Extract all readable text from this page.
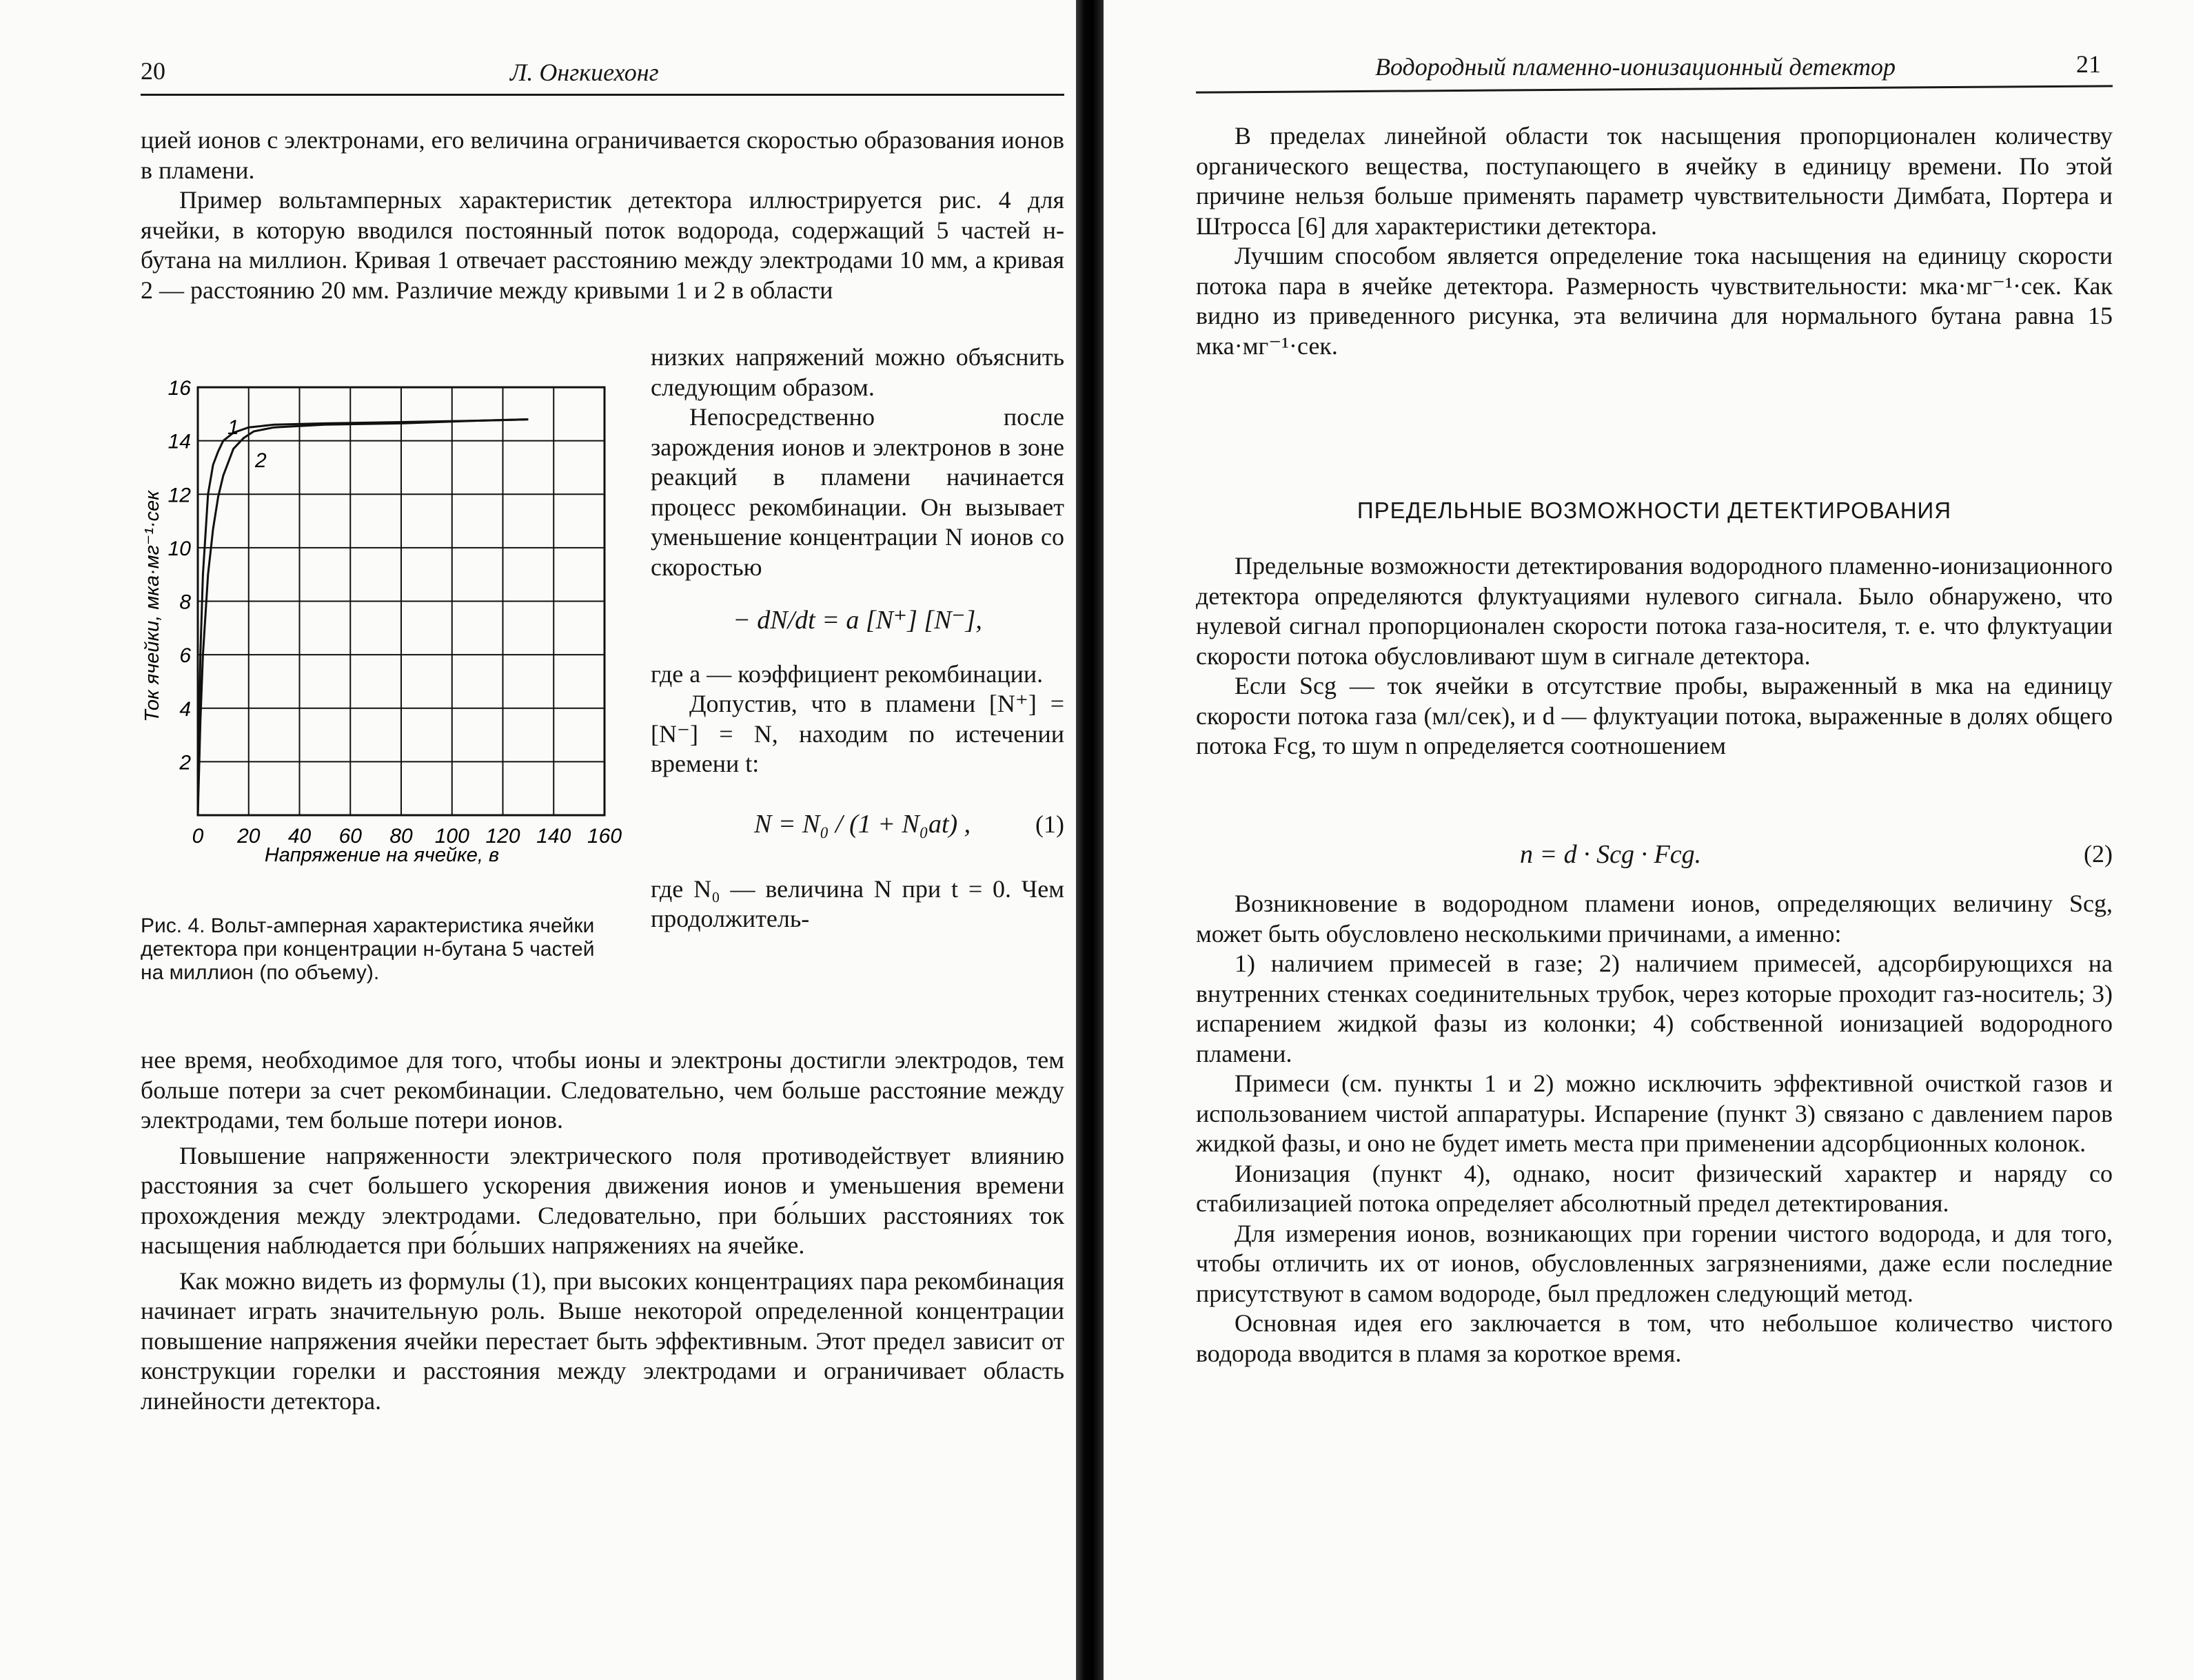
20	Л. Онгкиехонг

цией ионов с электронами, его величина ограничивается скоростью образования ионов в пламени.

Пример вольтамперных характеристик детектора иллюстрируется рис. 4 для ячейки, в которую вводился постоянный поток водорода, содержащий 5 частей н-бутана на миллион. Кривая 1 отвечает расстоянию между электродами 10 мм, а кривая 2 — расстоянию 20 мм. Различие между кривыми 1 и 2 в области

0 20 40 60 80 100 120 140 160
2
4
6
8
10
12
14
16
Напряжение на ячейке, в
Ток ячейки, мка·мг⁻¹·сек
1
2
Рис. 4. Вольт-амперная характеристика ячейки детектора при концентрации н-бутана 5 частей на миллион (по объему).

низких напряжений можно объяснить следующим образом.

Непосредственно после зарождения ионов и электронов в зоне реакций в пламени начинается процесс рекомбинации. Он вызывает уменьшение концентрации N ионов со скоростью

− dN/dt = a [N⁺] [N⁻],

где a — коэффициент рекомбинации.

Допустив, что в пламени [N⁺] = [N⁻] = N, находим по истечении времени t:

N = N₀ / (1 + N₀at) ,	(1)

где N₀ — величина N при t = 0. Чем продолжитель-

нее время, необходимое для того, чтобы ионы и электроны достигли электродов, тем больше потери за счет рекомбинации. Следовательно, чем больше расстояние между электродами, тем больше потери ионов.

Повышение напряженности электрического поля противодействует влиянию расстояния за счет большего ускорения движения ионов и уменьшения времени прохождения между электродами. Следовательно, при бо́льших расстояниях ток насыщения наблюдается при бо́льших напряжениях на ячейке.

Как можно видеть из формулы (1), при высоких концентрациях пара рекомбинация начинает играть значительную роль. Выше некоторой определенной концентрации повышение напряжения ячейки перестает быть эффективным. Этот предел зависит от конструкции горелки и расстояния между электродами и ограничивает область линейности детектора.

Водородный пламенно-ионизационный детектор	21

В пределах линейной области ток насыщения пропорционален количеству органического вещества, поступающего в ячейку в единицу времени. По этой причине нельзя больше применять параметр чувствительности Димбата, Портера и Штросса [6] для характеристики детектора.

Лучшим способом является определение тока насыщения на единицу скорости потока пара в ячейке детектора. Размерность чувствительности: мка·мг⁻¹·сек. Как видно из приведенного рисунка, эта величина для нормального бутана равна 15 мка·мг⁻¹·сек.

ПРЕДЕЛЬНЫЕ ВОЗМОЖНОСТИ ДЕТЕКТИРОВАНИЯ

Предельные возможности детектирования водородного пламенно-ионизационного детектора определяются флуктуациями нулевого сигнала. Было обнаружено, что нулевой сигнал пропорционален скорости потока газа-носителя, т. е. что флуктуации скорости потока обусловливают шум в сигнале детектора.

Если Scg — ток ячейки в отсутствие пробы, выраженный в мка на единицу скорости потока газа (мл/сек), и d — флуктуации потока, выраженные в долях общего потока Fcg, то шум n определяется соотношением

n = d · Scg · Fcg.	(2)

Возникновение в водородном пламени ионов, определяющих величину Scg, может быть обусловлено несколькими причинами, а именно:

1) наличием примесей в газе; 2) наличием примесей, адсорбирующихся на внутренних стенках соединительных трубок, через которые проходит газ-носитель; 3) испарением жидкой фазы из колонки; 4) собственной ионизацией водородного пламени.

Примеси (см. пункты 1 и 2) можно исключить эффективной очисткой газов и использованием чистой аппаратуры. Испарение (пункт 3) связано с давлением паров жидкой фазы, и оно не будет иметь места при применении адсорбционных колонок.

Ионизация (пункт 4), однако, носит физический характер и наряду со стабилизацией потока определяет абсолютный предел детектирования.

Для измерения ионов, возникающих при горении чистого водорода, и для того, чтобы отличить их от ионов, обусловленных загрязнениями, даже если последние присутствуют в самом водороде, был предложен следующий метод.

Основная идея его заключается в том, что небольшое количество чистого водорода вводится в пламя за короткое время.
